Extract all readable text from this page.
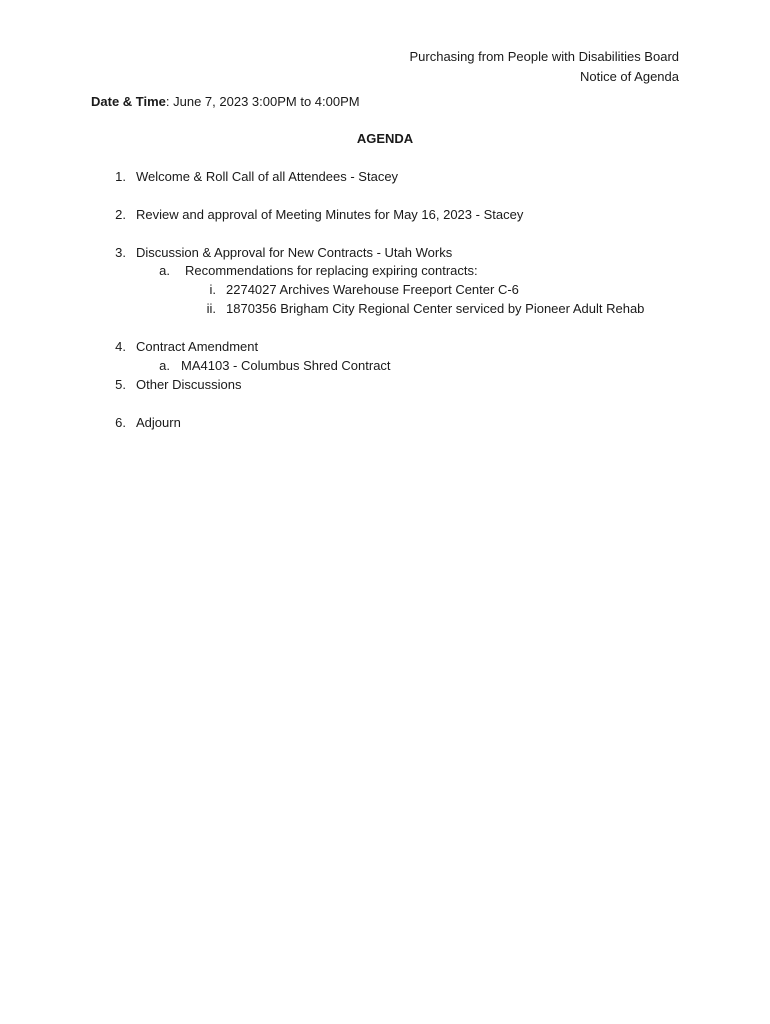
Purchasing from People with Disabilities Board
Notice of Agenda
Date & Time: June 7, 2023 3:00PM to 4:00PM
AGENDA
1. Welcome & Roll Call of all Attendees - Stacey
2. Review and approval of Meeting Minutes for May 16, 2023 - Stacey
3. Discussion & Approval for New Contracts - Utah Works
a. Recommendations for replacing expiring contracts:
i. 2274027 Archives Warehouse Freeport Center C-6
ii. 1870356 Brigham City Regional Center serviced by Pioneer Adult Rehab
4. Contract Amendment
a. MA4103 - Columbus Shred Contract
5. Other Discussions
6. Adjourn
